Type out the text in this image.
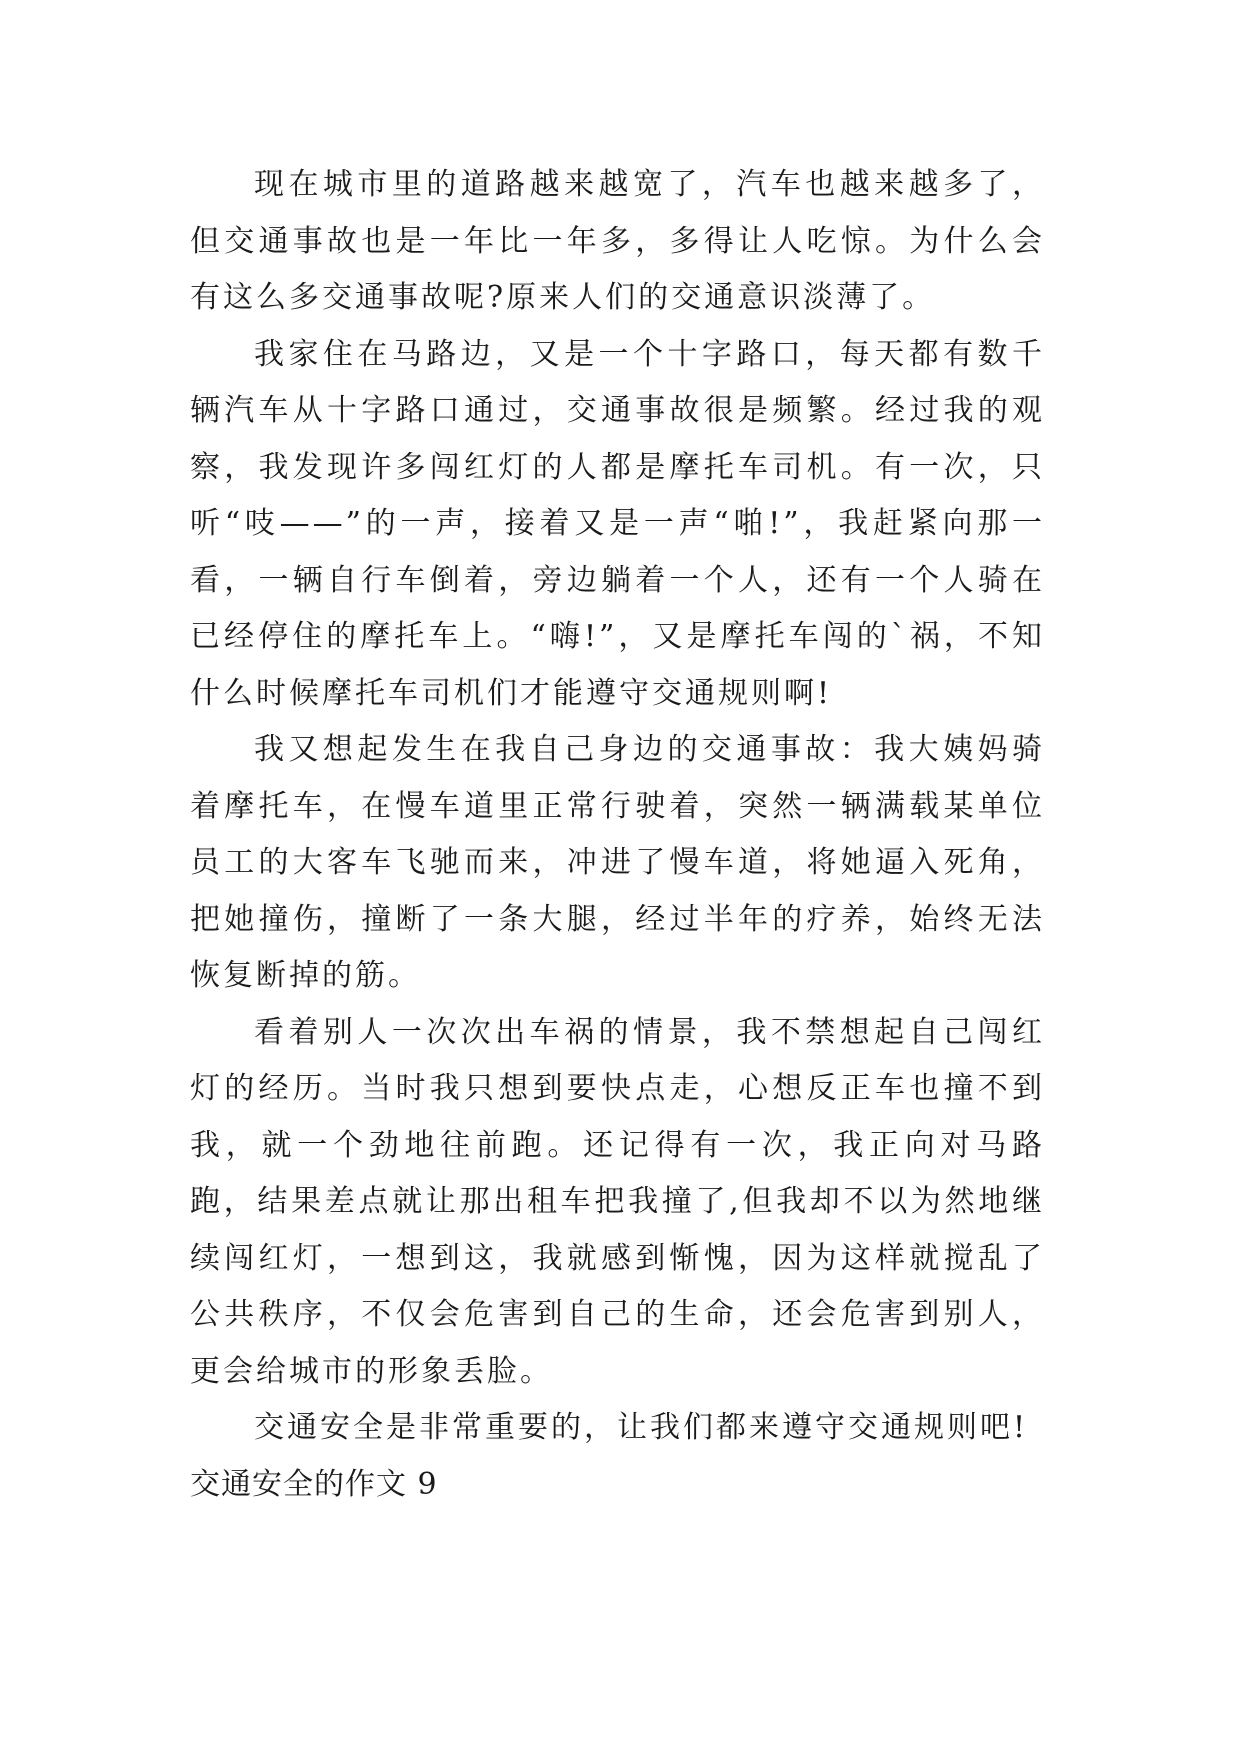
现在城市里的道路越来越宽了，汽车也越来越多了，但交通事故也是一年比一年多，多得让人吃惊。为什么会有这么多交通事故呢?原来人们的交通意识淡薄了。

我家住在马路边，又是一个十字路口，每天都有数千辆汽车从十字路口通过，交通事故很是频繁。经过我的观察，我发现许多闯红灯的人都是摩托车司机。有一次，只听“吱——”的一声，接着又是一声“啪!”，我赶紧向那一看，一辆自行车倒着，旁边躺着一个人，还有一个人骑在已经停住的摩托车上。“嗨!”，又是摩托车闯的`祸，不知什么时候摩托车司机们才能遵守交通规则啊!

我又想起发生在我自己身边的交通事故：我大姨妈骑着摩托车，在慢车道里正常行驶着，突然一辆满载某单位员工的大客车飞驰而来，冲进了慢车道，将她逼入死角，把她撞伤，撞断了一条大腿，经过半年的疗养，始终无法恢复断掉的筋。

看着别人一次次出车祸的情景，我不禁想起自己闯红灯的经历。当时我只想到要快点走，心想反正车也撞不到我，就一个劲地往前跑。还记得有一次，我正向对马路跑，结果差点就让那出租车把我撞了,但我却不以为然地继续闯红灯，一想到这，我就感到惭愧，因为这样就搅乱了公共秩序，不仅会危害到自己的生命，还会危害到别人，更会给城市的形象丢脸。

交通安全是非常重要的，让我们都来遵守交通规则吧!

交通安全的作文 9
